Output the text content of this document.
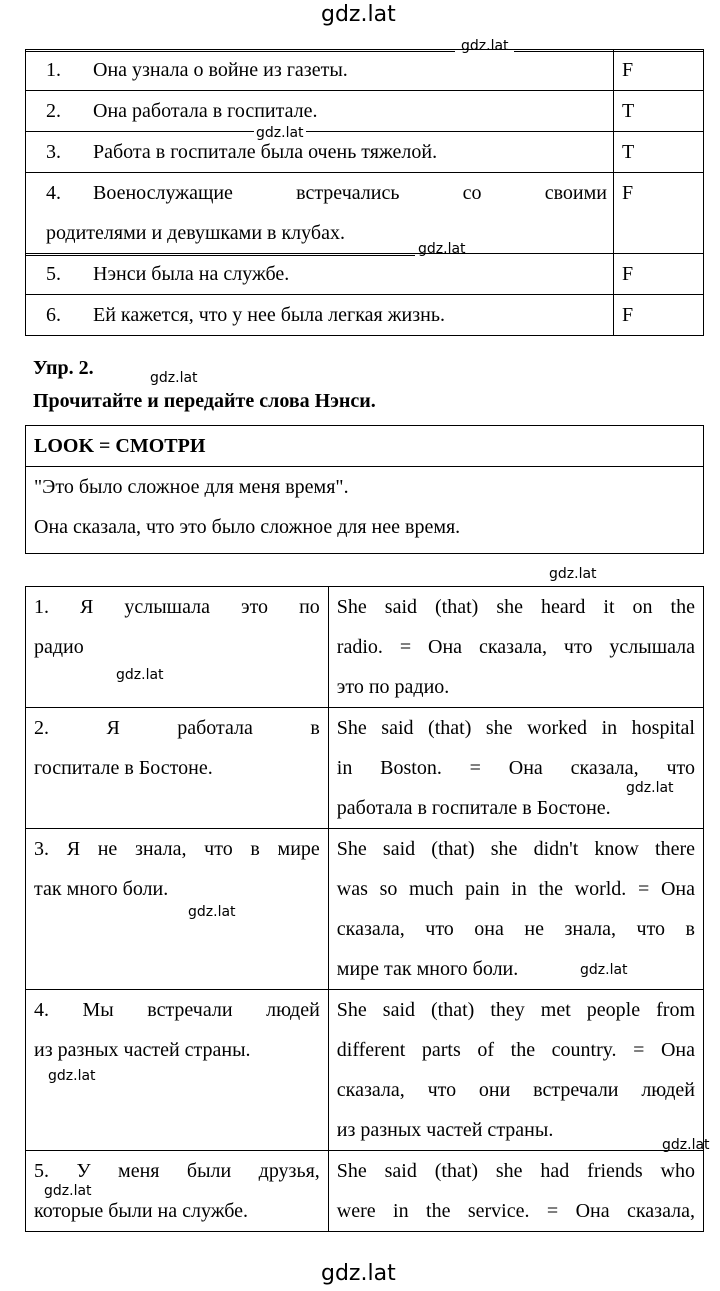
gdz.lat
gdz.lat
1. Она узнала о войне из газеты.	F
2. Она работала в госпитале.	T
3. Работа в госпитале была очень тяжелой.	T

4. Военослужащие встречались со своими
родителями и девушками в клубах.	F
5. Нэнси была на службе.	F
6. Ей кажется, что у нее была легкая жизнь.	F
gdz.lat
gdz.lat
Упр. 2.	gdz.lat
Прочитайте и передайте слова Нэнси.
LOOK = СМОТРИ

"Это было сложное для меня время".
Она сказала, что это было сложное для нее время.
gdz.lat
1. Я услышала это по
радио	She said (that) she heard it on the
radio. = Она сказала, что услышала
это по радио.

2. Я работала в
госпитале в Бостоне.	She said (that) she worked in hospital
in Boston. = Она сказала, что
работала в госпитале в Бостоне.

3. Я не знала, что в мире
так много боли.	She said (that) she didn't know there
was so much pain in the world. = Она
сказала, что она не знала, что в
мире так много боли.

4. Мы встречали людей
из разных частей страны.	She said (that) they met people from
different parts of the country. = Она
сказала, что они встречали людей
из разных частей страны.

5. У меня были друзья,
которые были на службе.	She said (that) she had friends who
were in the service. = Она сказала,
gdz.lat
gdz.lat
gdz.lat
gdz.lat
gdz.lat
gdz.lat
gdz.lat
gdz.lat
